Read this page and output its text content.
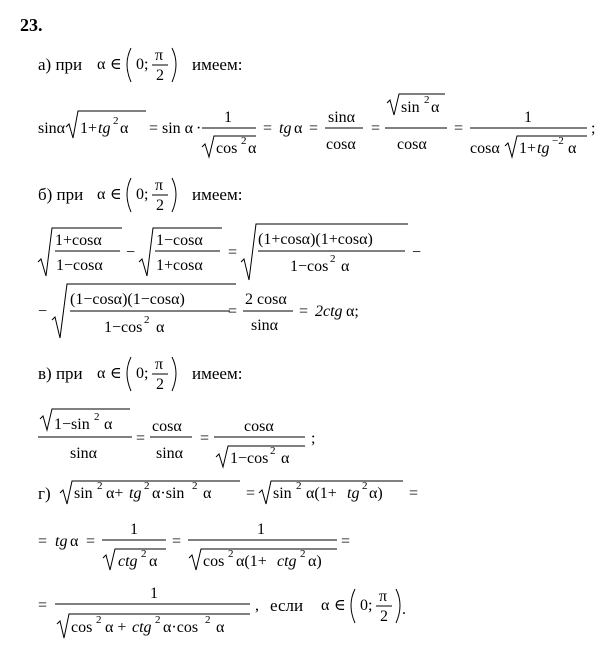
23.
а) при α ∈ 0;
π
2
имеем:
sinα 1+ tg 2 α = sin α ·
1
cos 2 α
= tg α =
sinα
cosα
=
sin 2 α
cosα
=
1
cosα 1+ tg −2 α
;
б) при α ∈ 0;
π
2
имеем:
1+cosα
1−cosα
−
1−cosα
1+cosα
=
(1+cosα)(1+cosα)
1−cos 2 α
−
−
(1−cosα)(1−cosα)
1−cos 2 α
=
2 cosα
sinα
= 2ctg α;
в) при α ∈ 0;
π
2
имеем:
1−sin 2 α
sinα
=
cosα
sinα
=
cosα
1−cos 2 α
;
г) sin 2 α+ tg 2 α·sin 2 α = sin 2 α(1+ tg 2 α) =
= tg α =
1
ctg 2 α
=
1
cos 2 α(1+ ctg 2 α)
=
=
1
cos 2 α + ctg 2 α·cos 2 α
, если α ∈ 0;
π
2 .
